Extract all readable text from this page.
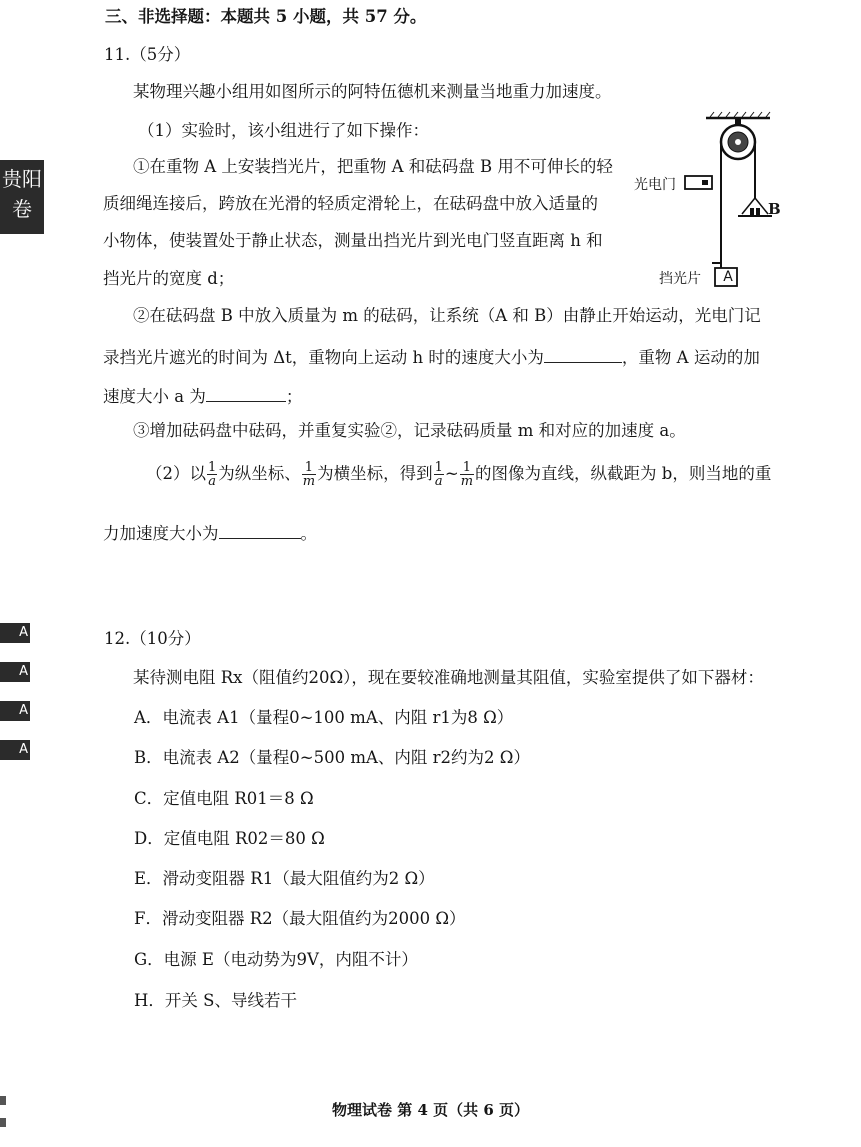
三、非选择题：本题共 5 小题，共 57 分。
贵阳
卷
A
A
A
A
11.（5分）
某物理兴趣小组用如图所示的阿特伍德机来测量当地重力加速度。
（1）实验时，该小组进行了如下操作：
①在重物 A 上安装挡光片，把重物 A 和砝码盘 B 用不可伸长的轻
质细绳连接后，跨放在光滑的轻质定滑轮上，在砝码盘中放入适量的
小物体，使装置处于静止状态，测量出挡光片到光电门竖直距离 h 和
挡光片的宽度 d；
②在砝码盘 B 中放入质量为 m 的砝码，让系统（A 和 B）由静止开始运动，光电门记
录挡光片遮光的时间为 Δt，重物向上运动 h 时的速度大小为	，重物 A 运动的加
速度大小 a 为	；
③增加砝码盘中砝码，并重复实验②，记录砝码质量 m 和对应的加速度 a。
（2）以 $\frac{1}{a}$ 为纵坐标、 $\frac{1}{m}$ 为横坐标，得到 $\frac{1}{a}$ ~ $\frac{1}{m}$ 的图像为直线，纵截距为 b，则当地的重
力加速度大小为	。
光电门
挡光片	A
B
12.（10分）
某待测电阻 Rx（阻值约20Ω），现在要较准确地测量其阻值，实验室提供了如下器材：
A．电流表 A1（量程0~100 mA、内阻 r1为8 Ω）
B．电流表 A2（量程0~500 mA、内阻 r2约为2 Ω）
C．定值电阻 R01＝8 Ω
D．定值电阻 R02＝80 Ω
E．滑动变阻器 R1（最大阻值约为2 Ω）
F．滑动变阻器 R2（最大阻值约为2000 Ω）
G．电源 E（电动势为9V，内阻不计）
H．开关 S、导线若干
物理试卷 第 4 页（共 6 页）
